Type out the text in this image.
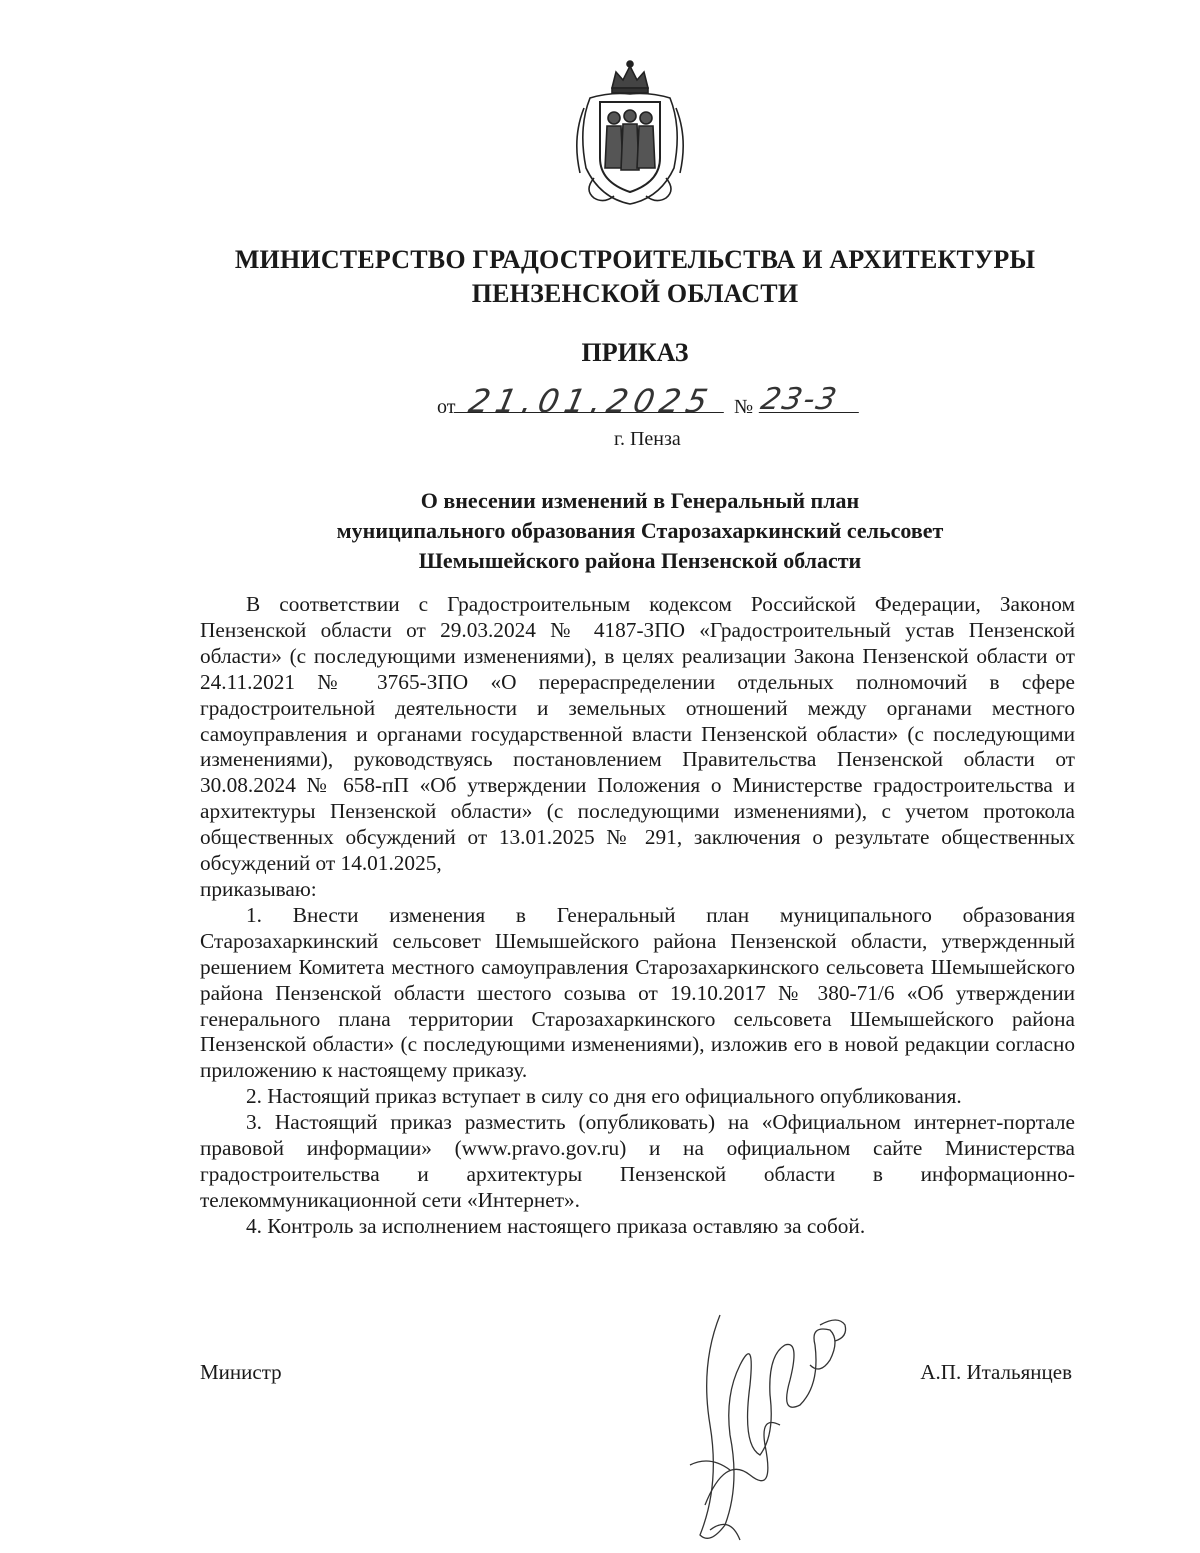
МИНИСТЕРСТВО ГРАДОСТРОИТЕЛЬСТВА И АРХИТЕКТУРЫ
ПЕНЗЕНСКОЙ ОБЛАСТИ
ПРИКАЗ
от 21.01.2025 № 23-3
г. Пенза
О внесении изменений в Генеральный план
муниципального образования Старозахаркинский сельсовет
Шемышейского района Пензенской области

В соответствии с Градостроительным кодексом Российской Федерации, Законом Пензенской области от 29.03.2024 № 4187-ЗПО «Градостроительный устав Пензенской области» (с последующими изменениями), в целях реализации Закона Пензенской области от 24.11.2021 № 3765-ЗПО «О перераспределении отдельных полномочий в сфере градостроительной деятельности и земельных отношений между органами местного самоуправления и органами государственной власти Пензенской области» (с последующими изменениями), руководствуясь постановлением Правительства Пензенской области от 30.08.2024 № 658-пП «Об утверждении Положения о Министерстве градостроительства и архитектуры Пензенской области» (с последующими изменениями), с учетом протокола общественных обсуждений от 13.01.2025 № 291, заключения о результате общественных обсуждений от 14.01.2025,

приказываю:

1. Внести изменения в Генеральный план муниципального образования Старозахаркинский сельсовет Шемышейского района Пензенской области, утвержденный решением Комитета местного самоуправления Старозахаркинского сельсовета Шемышейского района Пензенской области шестого созыва от 19.10.2017 № 380-71/6 «Об утверждении генерального плана территории Старозахаркинского сельсовета Шемышейского района Пензенской области» (с последующими изменениями), изложив его в новой редакции согласно приложению к настоящему приказу.

2. Настоящий приказ вступает в силу со дня его официального опубликования.

3. Настоящий приказ разместить (опубликовать) на «Официальном интернет-портале правовой информации» (www.pravo.gov.ru) и на официальном сайте Министерства градостроительства и архитектуры Пензенской области в информационно-телекоммуникационной сети «Интернет».

4. Контроль за исполнением настоящего приказа оставляю за собой.

Министр	А.П. Итальянцев
